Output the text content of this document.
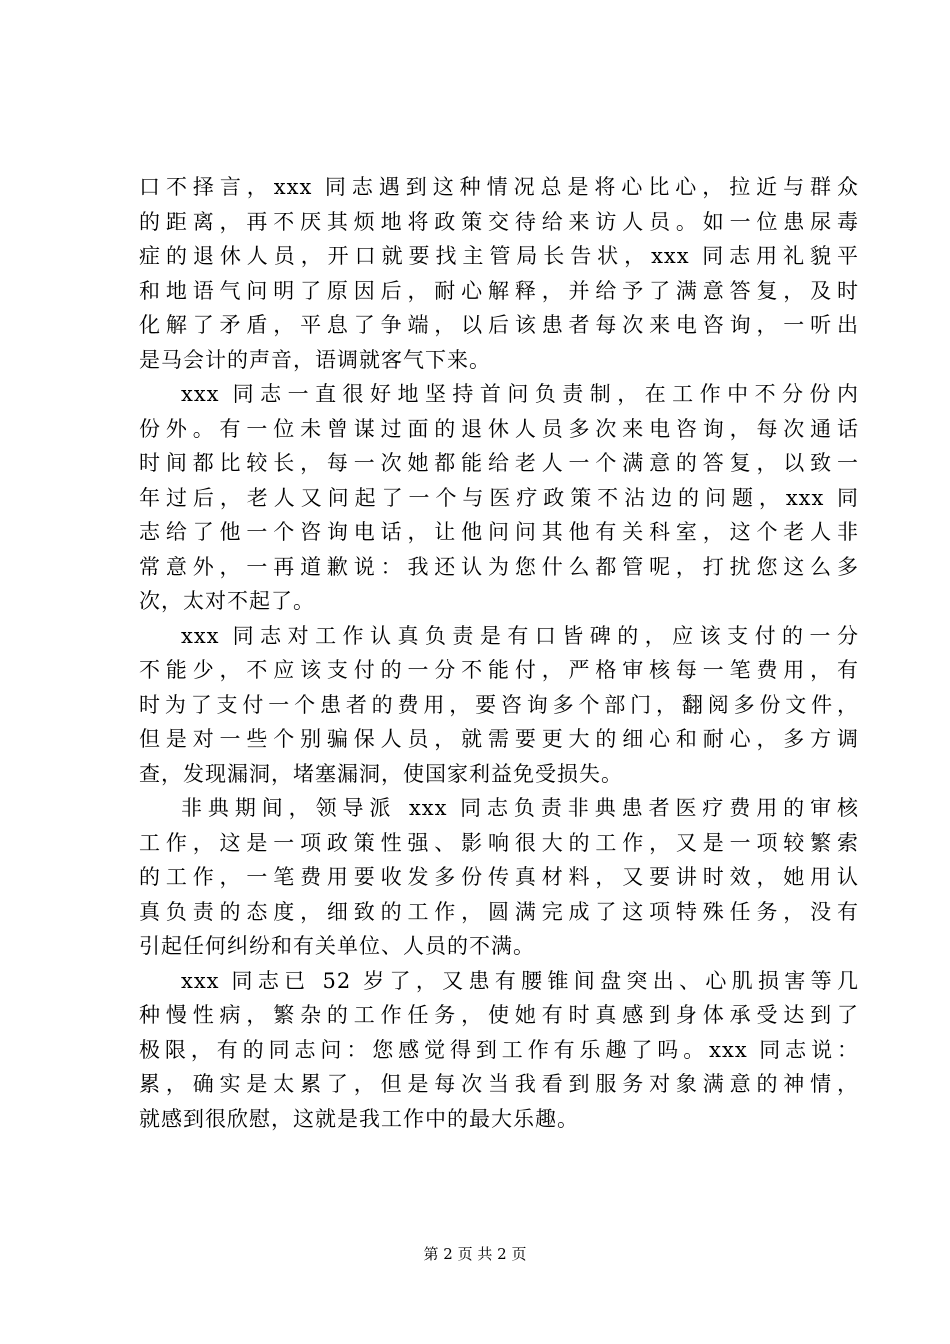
口不择言，xxx 同志遇到这种情况总是将心比心，拉近与群众
的距离，再不厌其烦地将政策交待给来访人员。如一位患尿毒
症的退休人员，开口就要找主管局长告状，xxx 同志用礼貌平
和地语气问明了原因后，耐心解释，并给予了满意答复，及时
化解了矛盾，平息了争端，以后该患者每次来电咨询，一听出
是马会计的声音，语调就客气下来。
xxx 同志一直很好地坚持首问负责制，在工作中不分份内
份外。有一位未曾谋过面的退休人员多次来电咨询，每次通话
时间都比较长，每一次她都能给老人一个满意的答复，以致一
年过后，老人又问起了一个与医疗政策不沾边的问题，xxx 同
志给了他一个咨询电话，让他问问其他有关科室，这个老人非
常意外，一再道歉说：我还认为您什么都管呢，打扰您这么多
次，太对不起了。
xxx 同志对工作认真负责是有口皆碑的，应该支付的一分
不能少，不应该支付的一分不能付，严格审核每一笔费用，有
时为了支付一个患者的费用，要咨询多个部门，翻阅多份文件，
但是对一些个别骗保人员，就需要更大的细心和耐心，多方调
查，发现漏洞，堵塞漏洞，使国家利益免受损失。
非典期间，领导派 xxx 同志负责非典患者医疗费用的审核
工作，这是一项政策性强、影响很大的工作，又是一项较繁索
的工作，一笔费用要收发多份传真材料，又要讲时效，她用认
真负责的态度，细致的工作，圆满完成了这项特殊任务，没有
引起任何纠纷和有关单位、人员的不满。
xxx 同志已 52 岁了，又患有腰锥间盘突出、心肌损害等几
种慢性病，繁杂的工作任务，使她有时真感到身体承受达到了
极限，有的同志问：您感觉得到工作有乐趣了吗。xxx 同志说：
累，确实是太累了，但是每次当我看到服务对象满意的神情，
就感到很欣慰，这就是我工作中的最大乐趣。
第 2 页 共 2 页
